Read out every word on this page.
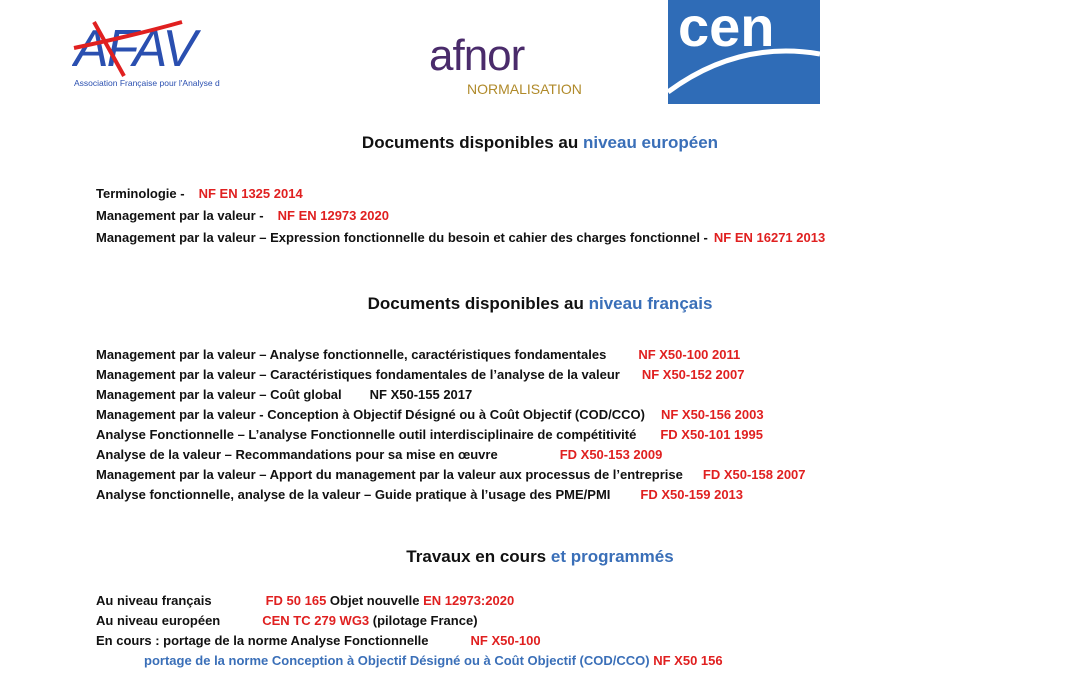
AFAV
Association Française pour l'Analyse d
afnor
NORMALISATION
cen
Documents disponibles au niveau européen
Terminologie - NF EN 1325 2014
Management par la valeur - NF EN 12973 2020
Management par la valeur – Expression fonctionnelle du besoin et cahier des charges fonctionnel - NF EN 16271 2013
Documents disponibles au niveau français
Management par la valeur – Analyse fonctionnelle, caractéristiques fondamentales NF X50-100 2011
Management par la valeur – Caractéristiques fondamentales de l’analyse de la valeur NF X50-152 2007
Management par la valeur – Coût global NF X50-155 2017
Management par la valeur - Conception à Objectif Désigné ou à Coût Objectif (COD/CCO) NF X50-156 2003
Analyse Fonctionnelle – L’analyse Fonctionnelle outil interdisciplinaire de compétitivité FD X50-101 1995
Analyse de la valeur – Recommandations pour sa mise en œuvre	FD X50-153 2009
Management par la valeur – Apport du management par la valeur aux processus de l’entreprise FD X50-158 2007
Analyse fonctionnelle, analyse de la valeur – Guide pratique à l’usage des PME/PMI FD X50-159 2013
Travaux en cours et programmés
Au niveau français	FD 50 165 Objet nouvelle EN 12973:2020
Au niveau européen	CEN TC 279 WG3 (pilotage France)
En cours : portage de la norme Analyse Fonctionnelle	NF X50-100
portage de la norme Conception à Objectif Désigné ou à Coût Objectif (COD/CCO) NF X50 156
